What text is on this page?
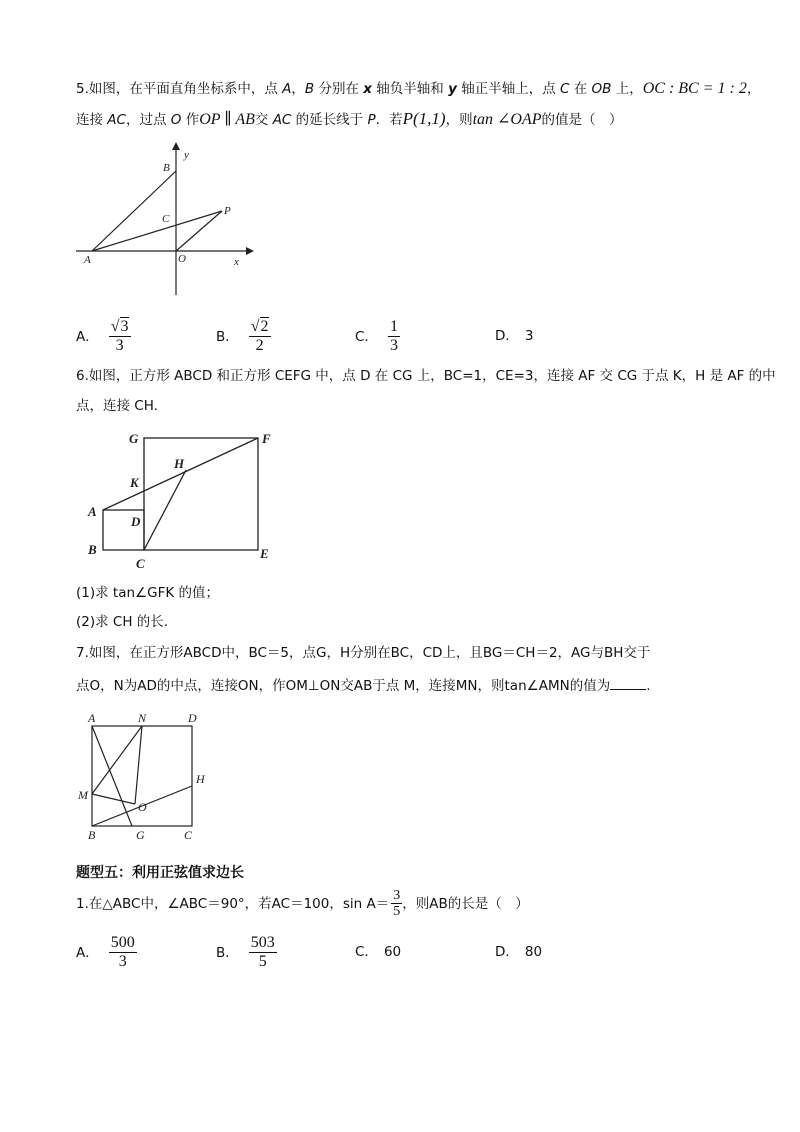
5.如图，在平面直角坐标系中，点 A，B 分别在 x 轴负半轴和 y 轴正半轴上，点 C 在 OB 上，OC : BC = 1 : 2，
连接 AC，过点 O 作OP ∥ AB交 AC 的延长线于 P．若P(1,1)，则tan ∠OAP的值是（　）
B
y
C
P
A	O	x
A． $\frac{√3}{3}$	B． $\frac{√2}{2}$	C． $\frac{1}{3}$	D． 3
6.如图，正方形 ABCD 和正方形 CEFG 中，点 D 在 CG 上，BC=1，CE=3，连接 AF 交 CG 于点 K，H 是 AF 的中
点，连接 CH.
G	F
H
K
A
D
B
C
E
(1)求 tan∠GFK 的值；
(2)求 CH 的长.
7.如图，在正方形ABCD中，BC＝5，点G，H分别在BC，CD上，且BG＝CH＝2，AG与BH交于
点O，N为AD的中点，连接ON，作OM⊥ON交AB于点 M，连接MN，则tan∠AMN的值为	.
A	N	D
H
M
O
B	G	C
题型五：利用正弦值求边长
1.在△ABC中，∠ABC＝90°，若AC＝100，$\sin A= \frac{3}{5}$ ，则AB的长是（　）
A． $\frac{500}{3}$	B． $\frac{503}{5}$	C． 60	D． 80
